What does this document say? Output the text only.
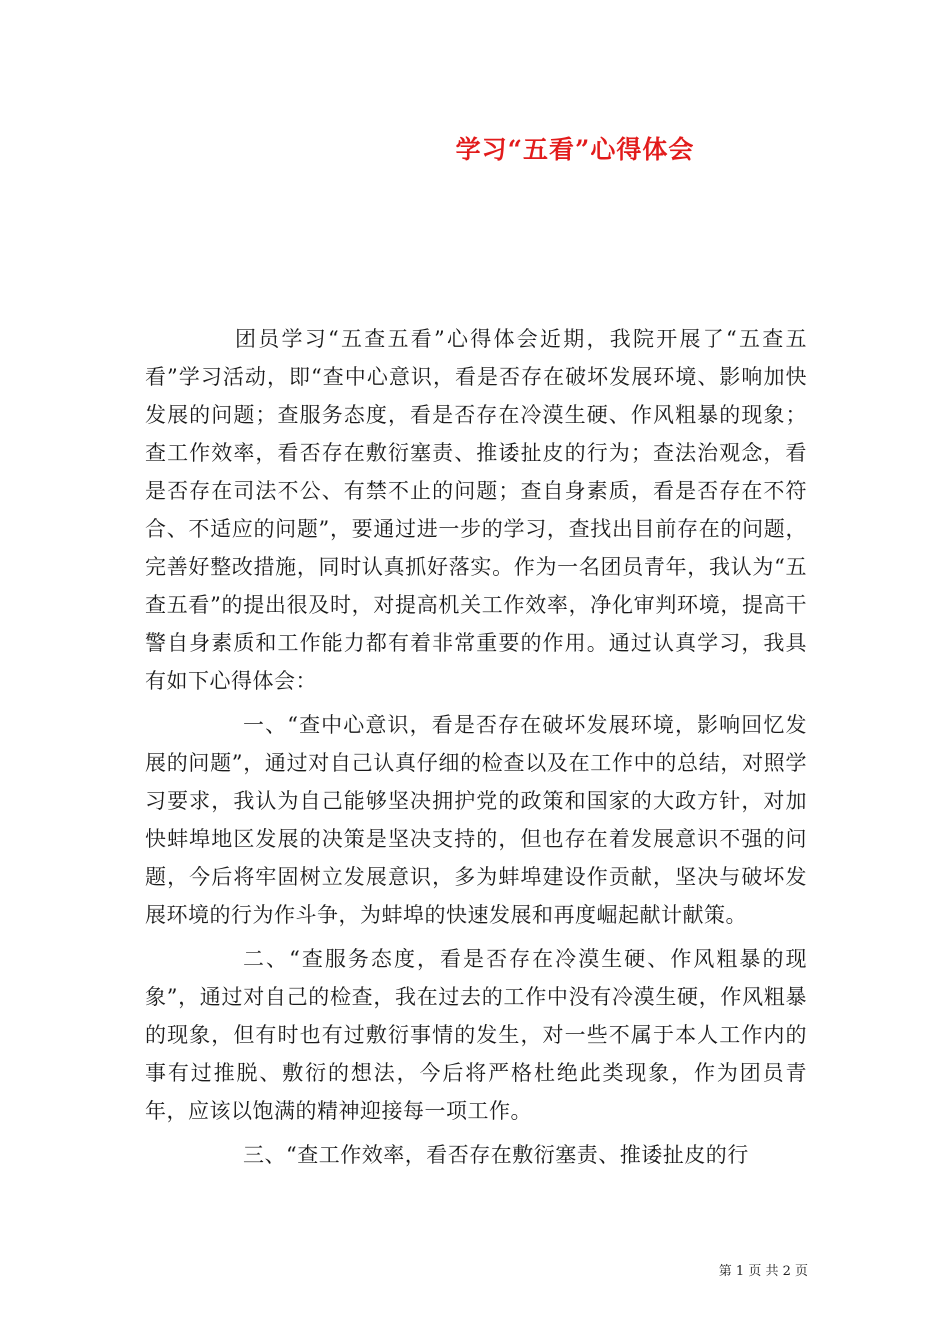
学习“五看”心得体会

团员学习“五查五看”心得体会近期，我院开展了“五查五看”学习活动，即“查中心意识，看是否存在破坏发展环境、影响加快发展的问题；查服务态度，看是否存在冷漠生硬、作风粗暴的现象；查工作效率，看否存在敷衍塞责、推诿扯皮的行为；查法治观念，看是否存在司法不公、有禁不止的问题；查自身素质，看是否存在不符合、不适应的问题”，要通过进一步的学习，查找出目前存在的问题，完善好整改措施，同时认真抓好落实。作为一名团员青年，我认为“五查五看”的提出很及时，对提高机关工作效率，净化审判环境，提高干警自身素质和工作能力都有着非常重要的作用。通过认真学习，我具有如下心得体会：

一、“查中心意识，看是否存在破坏发展环境，影响回忆发展的问题”，通过对自己认真仔细的检查以及在工作中的总结，对照学习要求，我认为自己能够坚决拥护党的政策和国家的大政方针，对加快蚌埠地区发展的决策是坚决支持的，但也存在着发展意识不强的问题，今后将牢固树立发展意识，多为蚌埠建设作贡献，坚决与破坏发展环境的行为作斗争，为蚌埠的快速发展和再度崛起献计献策。

二、“查服务态度，看是否存在冷漠生硬、作风粗暴的现象”，通过对自己的检查，我在过去的工作中没有冷漠生硬，作风粗暴的现象，但有时也有过敷衍事情的发生，对一些不属于本人工作内的事有过推脱、敷衍的想法，今后将严格杜绝此类现象，作为团员青年，应该以饱满的精神迎接每一项工作。

三、“查工作效率，看否存在敷衍塞责、推诿扯皮的行

第 1 页 共 2 页
